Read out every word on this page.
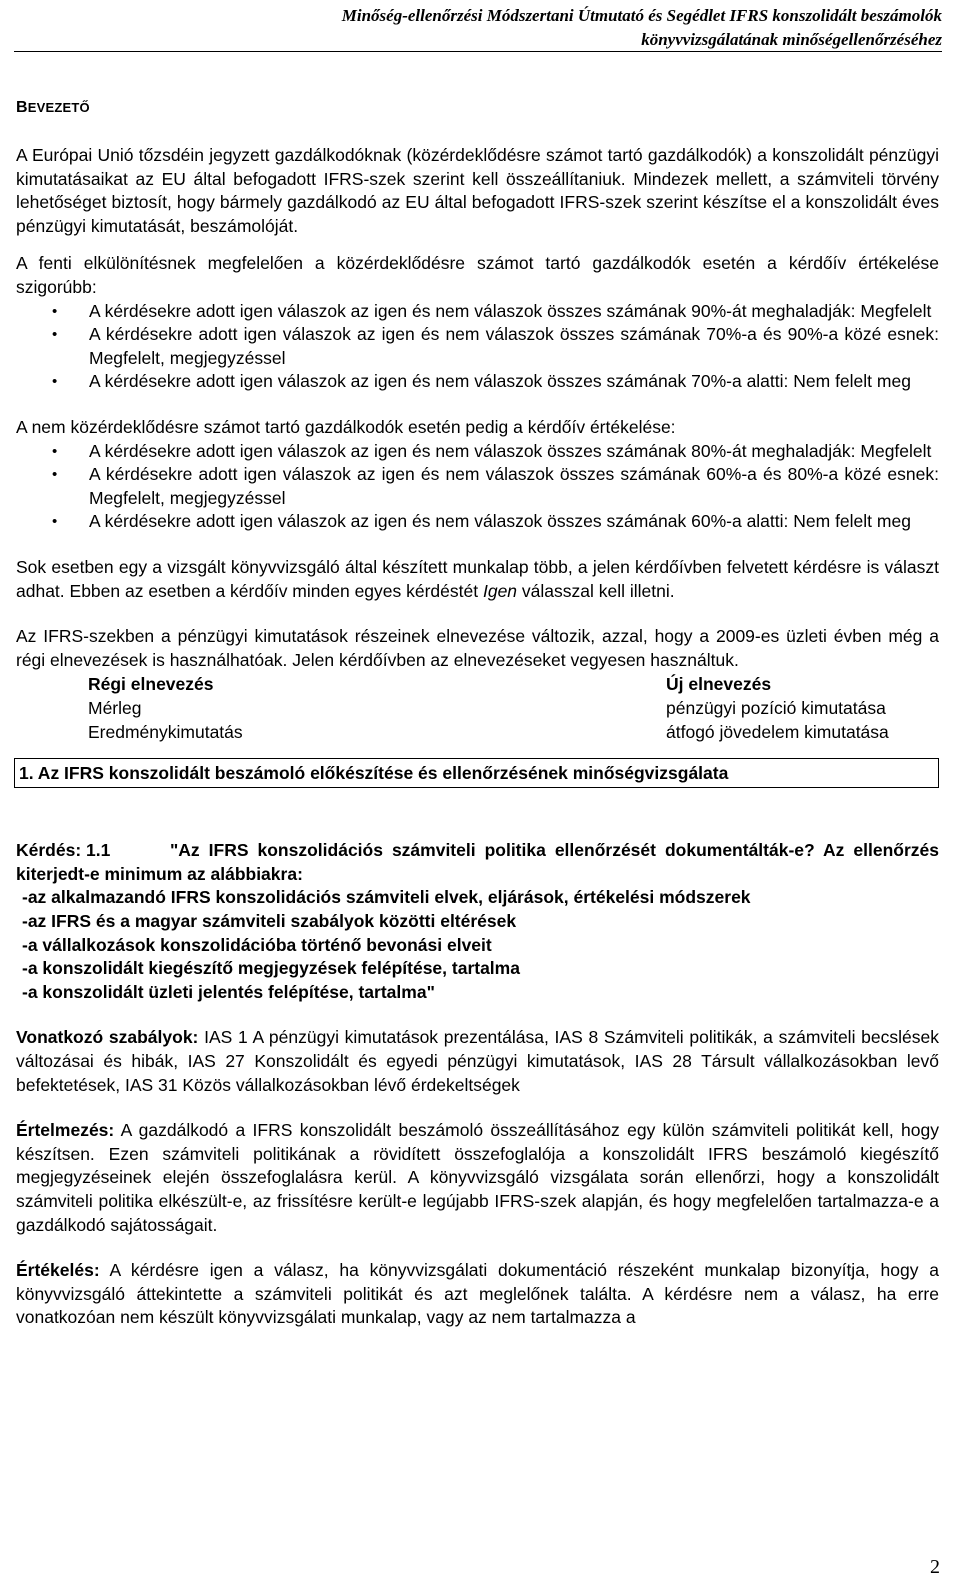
Minőség-ellenőrzési Módszertani Útmutató és Segédlet IFRS konszolidált beszámolók
könyvvizsgálatának minőségellenőrzéséhez
BEVEZETŐ

A Európai Unió tőzsdéin jegyzett gazdálkodóknak (közérdeklődésre számot tartó gazdálkodók) a konszolidált pénzügyi kimutatásaikat az EU által befogadott IFRS-szek szerint kell összeállítaniuk. Mindezek mellett, a számviteli törvény lehetőséget biztosít, hogy bármely gazdálkodó az EU által befogadott IFRS-szek szerint készítse el a konszolidált éves pénzügyi kimutatását, beszámolóját.

A fenti elkülönítésnek megfelelően a közérdeklődésre számot tartó gazdálkodók esetén a kérdőív értékelése szigorúbb:

• A kérdésekre adott igen válaszok az igen és nem válaszok összes számának 90%-át meghaladják: Megfelelt
• A kérdésekre adott igen válaszok az igen és nem válaszok összes számának 70%-a és 90%-a közé esnek: Megfelelt, megjegyzéssel
• A kérdésekre adott igen válaszok az igen és nem válaszok összes számának 70%-a alatti: Nem felelt meg

A nem közérdeklődésre számot tartó gazdálkodók esetén pedig a kérdőív értékelése:

• A kérdésekre adott igen válaszok az igen és nem válaszok összes számának 80%-át meghaladják: Megfelelt
• A kérdésekre adott igen válaszok az igen és nem válaszok összes számának 60%-a és 80%-a közé esnek: Megfelelt, megjegyzéssel
• A kérdésekre adott igen válaszok az igen és nem válaszok összes számának 60%-a alatti: Nem felelt meg

Sok esetben egy a vizsgált könyvvizsgáló által készített munkalap több, a jelen kérdőívben felvetett kérdésre is választ adhat. Ebben az esetben a kérdőív minden egyes kérdéstét Igen válasszal kell illetni.

Az IFRS-szekben a pénzügyi kimutatások részeinek elnevezése változik, azzal, hogy a 2009-es üzleti évben még a régi elnevezések is használhatóak. Jelen kérdőívben az elnevezéseket vegyesen használtuk.

Régi elnevezés	Új elnevezés
Mérleg	pénzügyi pozíció kimutatása
Eredménykimutatás	átfogó jövedelem kimutatása
1. Az IFRS konszolidált beszámoló előkészítése és ellenőrzésének minőségvizsgálata

Kérdés: 1.1	"Az IFRS konszolidációs számviteli politika ellenőrzését dokumentálták-e? Az ellenőrzés kiterjedt-e minimum az alábbiakra:

-az alkalmazandó IFRS konszolidációs számviteli elvek, eljárások, értékelési módszerek
-az IFRS és a magyar számviteli szabályok közötti eltérések
-a vállalkozások konszolidációba történő bevonási elveit
-a konszolidált kiegészítő megjegyzések felépítése, tartalma
-a konszolidált üzleti jelentés felépítése, tartalma"

Vonatkozó szabályok: IAS 1 A pénzügyi kimutatások prezentálása, IAS 8 Számviteli politikák, a számviteli becslések változásai és hibák, IAS 27 Konszolidált és egyedi pénzügyi kimutatások, IAS 28 Társult vállalkozásokban levő befektetések, IAS 31 Közös vállalkozásokban lévő érdekeltségek

Értelmezés: A gazdálkodó a IFRS konszolidált beszámoló összeállításához egy külön számviteli politikát kell, hogy készítsen. Ezen számviteli politikának a rövidített összefoglalója a konszolidált IFRS beszámoló kiegészítő megjegyzéseinek elején összefoglalásra kerül. A könyvvizsgáló vizsgálata során ellenőrzi, hogy a konszolidált számviteli politika elkészült-e, az frissítésre került-e legújabb IFRS-szek alapján, és hogy megfelelően tartalmazza-e a gazdálkodó sajátosságait.

Értékelés: A kérdésre igen a válasz, ha könyvvizsgálati dokumentáció részeként munkalap bizonyítja, hogy a könyvvizsgáló áttekintette a számviteli politikát és azt meglelőnek találta. A kérdésre nem a válasz, ha erre vonatkozóan nem készült könyvvizsgálati munkalap, vagy az nem tartalmazza a

2
